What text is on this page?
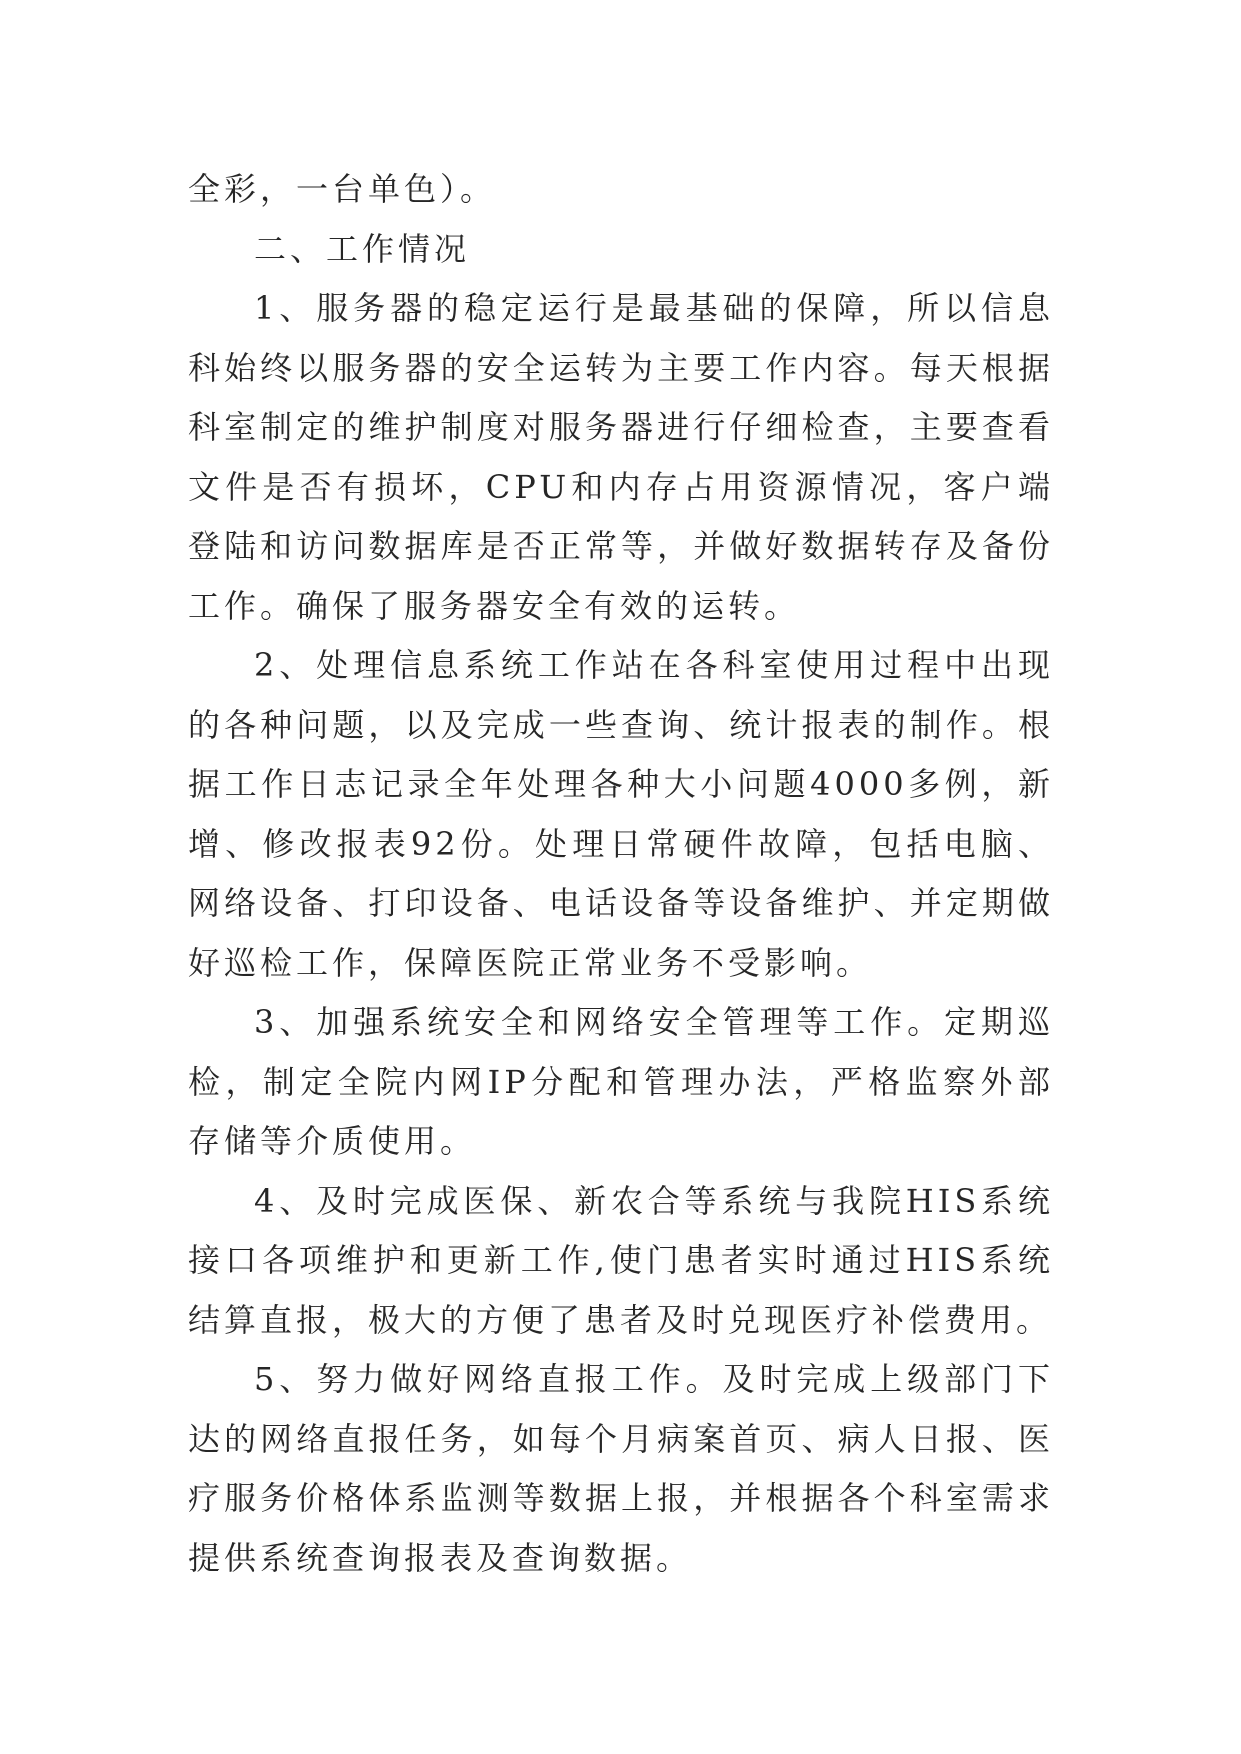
全彩，一台单色）。

二、工作情况

1、服务器的稳定运行是最基础的保障，所以信息科始终以服务器的安全运转为主要工作内容。每天根据科室制定的维护制度对服务器进行仔细检查，主要查看文件是否有损坏，CPU和内存占用资源情况，客户端登陆和访问数据库是否正常等，并做好数据转存及备份工作。确保了服务器安全有效的运转。

2、处理信息系统工作站在各科室使用过程中出现的各种问题，以及完成一些查询、统计报表的制作。根据工作日志记录全年处理各种大小问题4000多例，新增、修改报表92份。处理日常硬件故障，包括电脑、网络设备、打印设备、电话设备等设备维护、并定期做好巡检工作，保障医院正常业务不受影响。

3、加强系统安全和网络安全管理等工作。定期巡检，制定全院内网IP分配和管理办法，严格监察外部存储等介质使用。

4、及时完成医保、新农合等系统与我院HIS系统接口各项维护和更新工作,使门患者实时通过HIS系统结算直报，极大的方便了患者及时兑现医疗补偿费用。

5、努力做好网络直报工作。及时完成上级部门下达的网络直报任务，如每个月病案首页、病人日报、医疗服务价格体系监测等数据上报，并根据各个科室需求提供系统查询报表及查询数据。
